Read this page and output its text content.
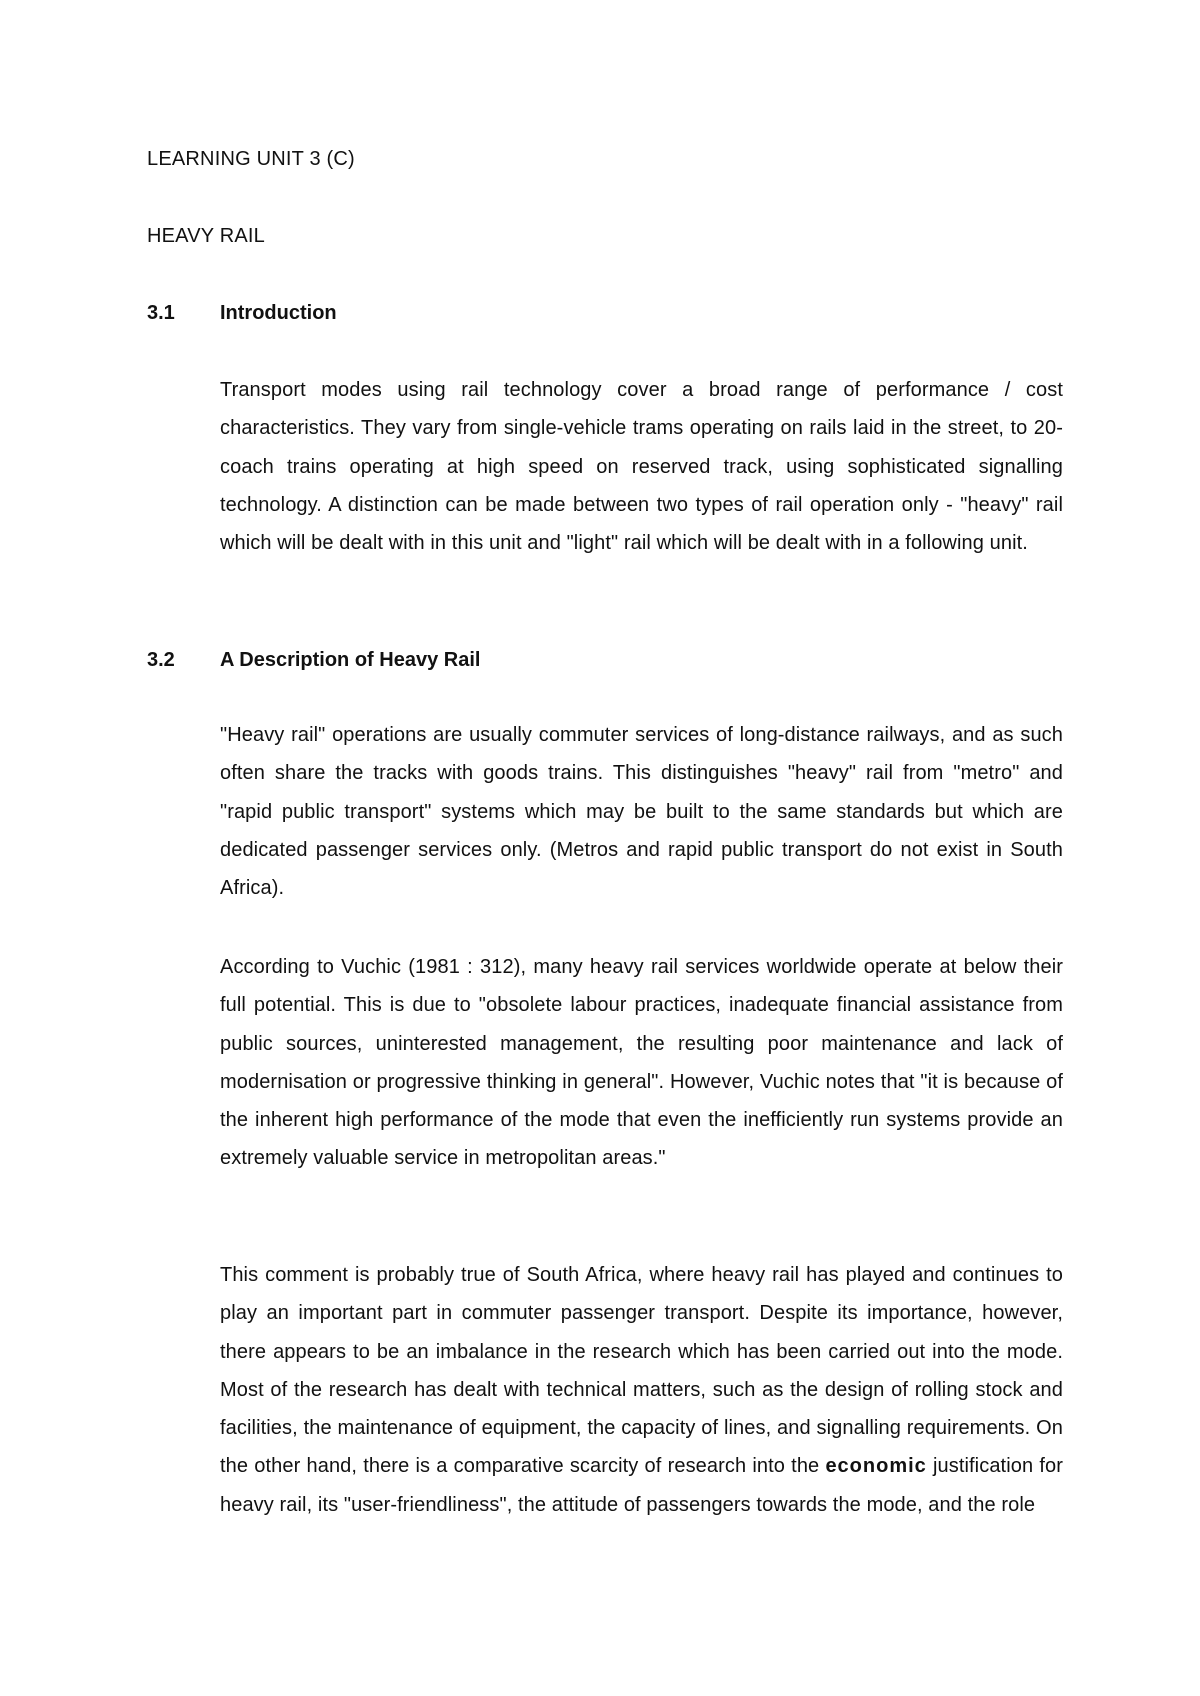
LEARNING UNIT 3 (C)
HEAVY RAIL
3.1	Introduction

Transport modes using rail technology cover a broad range of performance / cost characteristics. They vary from single-vehicle trams operating on rails laid in the street, to 20-coach trains operating at high speed on reserved track, using sophisticated signalling technology. A distinction can be made between two types of rail operation only - "heavy" rail which will be dealt with in this unit and "light" rail which will be dealt with in a following unit.

3.2	A Description of Heavy Rail

"Heavy rail" operations are usually commuter services of long-distance railways, and as such often share the tracks with goods trains. This distinguishes "heavy" rail from "metro" and "rapid public transport" systems which may be built to the same standards but which are dedicated passenger services only. (Metros and rapid public transport do not exist in South Africa).

According to Vuchic (1981 : 312), many heavy rail services worldwide operate at below their full potential. This is due to "obsolete labour practices, inadequate financial assistance from public sources, uninterested management, the resulting poor maintenance and lack of modernisation or progressive thinking in general". However, Vuchic notes that "it is because of the inherent high performance of the mode that even the inefficiently run systems provide an extremely valuable service in metropolitan areas."

This comment is probably true of South Africa, where heavy rail has played and continues to play an important part in commuter passenger transport. Despite its importance, however, there appears to be an imbalance in the research which has been carried out into the mode. Most of the research has dealt with technical matters, such as the design of rolling stock and facilities, the maintenance of equipment, the capacity of lines, and signalling requirements. On the other hand, there is a comparative scarcity of research into the economic justification for heavy rail, its "user-friendliness", the attitude of passengers towards the mode, and the role
